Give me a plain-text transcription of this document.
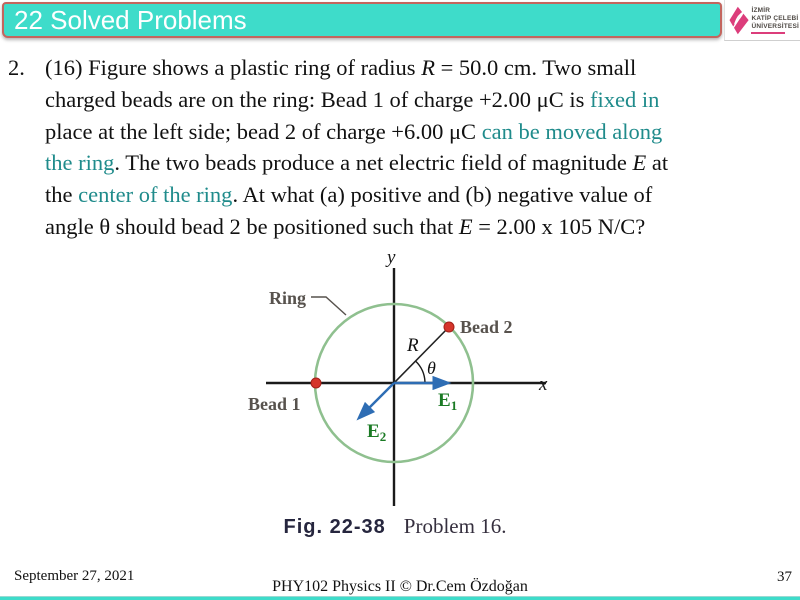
22 Solved Problems	İZMİR
KATİP ÇELEBİ
ÜNİVERSİTESİ
2. (16) Figure shows a plastic ring of radius R = 50.0 cm. Two small
charged beads are on the ring: Bead 1 of charge +2.00 μC is fixed in
place at the left side; bead 2 of charge +6.00 μC can be moved along
the ring. The two beads produce a net electric field of magnitude E at
the center of the ring. At what (a) positive and (b) negative value of
angle θ should bead 2 be positioned such that E = 2.00 x 105 N/C?
y
x
Ring
Bead 2
Bead 1
R
θ
$E_1$
$E_2$
Fig. 22-38 Problem 16.
September 27, 2021
PHY102 Physics II © Dr.Cem Özdoğan
37
